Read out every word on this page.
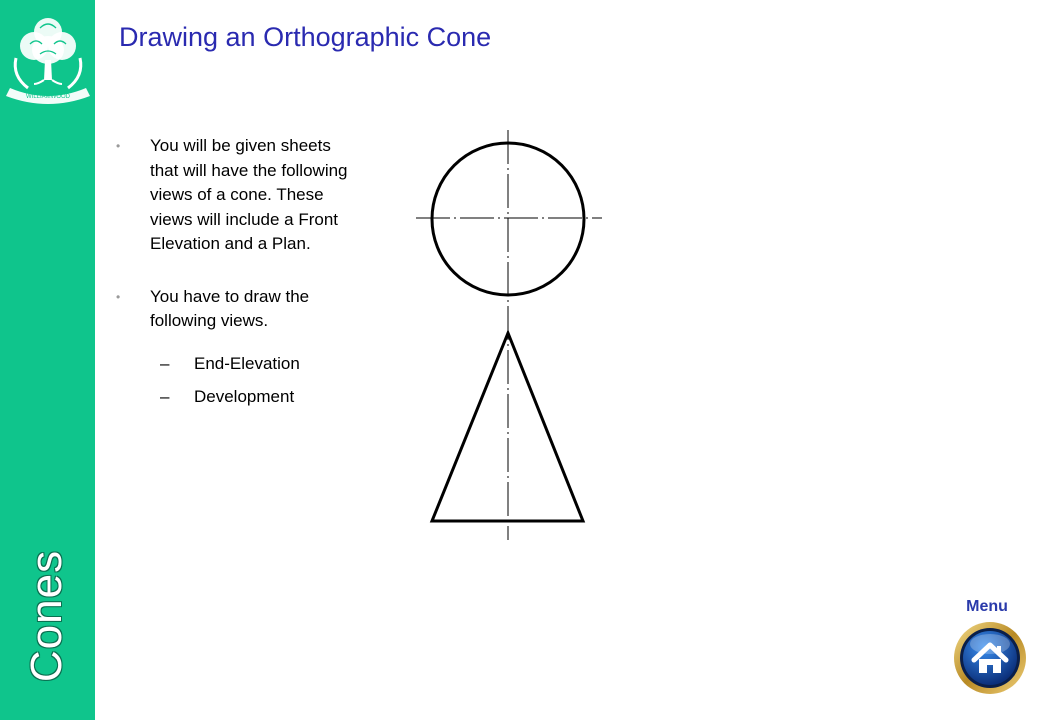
WILLIAMWOOD
Cones
Drawing an Orthographic Cone
• You will be given sheets that will have the following views of a cone. These views will include a Front Elevation and a Plan.
• You have to draw the following views.
– End-Elevation
– Development
Menu
